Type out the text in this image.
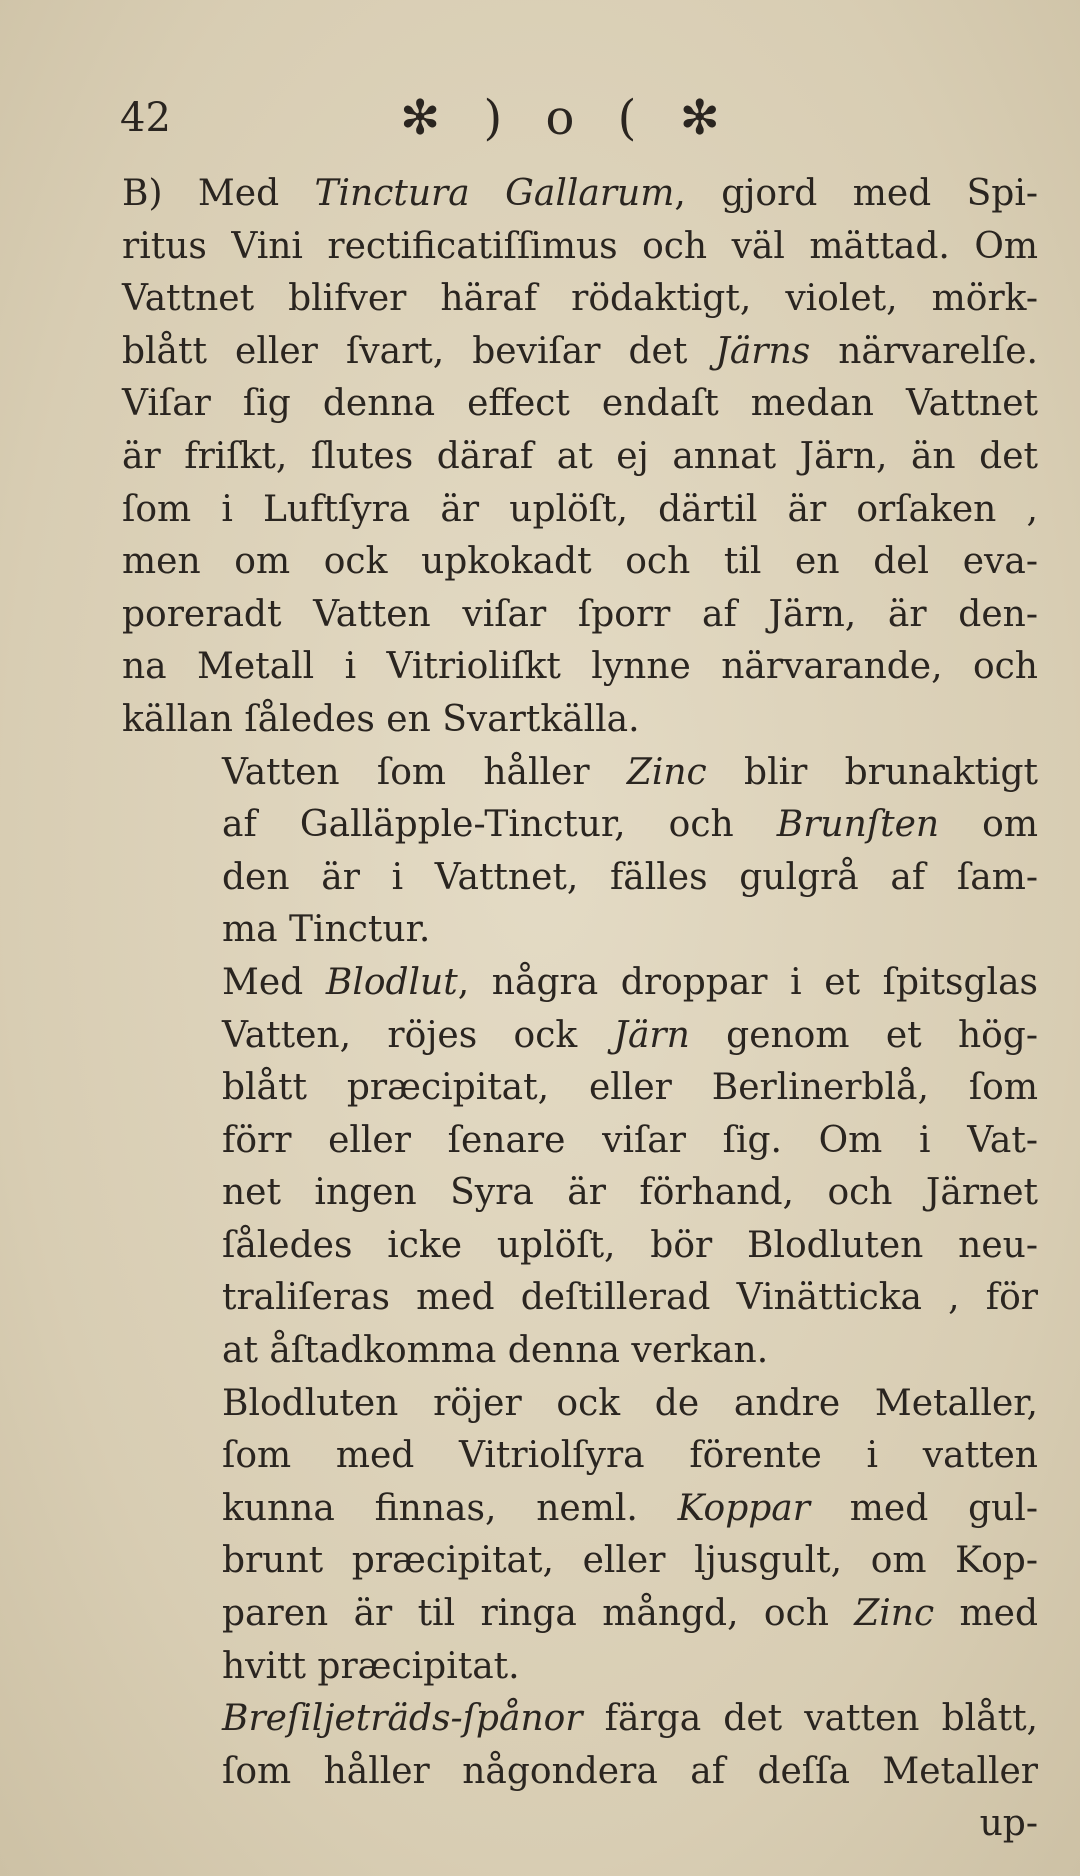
42	✻ ) o ( ✻
B) Med Tinctura Gallarum, gjord med Spi-
ritus Vini rectificatiſſimus och väl mättad. Om
Vattnet blifver häraf rödaktigt, violet, mörk-
blått eller ſvart, beviſar det Järns närvarelſe.
Viſar ſig denna effect endaſt medan Vattnet
är friſkt, ſlutes däraf at ej annat Järn, än det
ſom i Luftſyra är uplöſt, därtil är orſaken ,
men om ock upkokadt och til en del eva-
poreradt Vatten viſar ſporr af Järn, är den-
na Metall i Vitrioliſkt lynne närvarande, och
källan ſåledes en Svartkälla.
Vatten ſom håller Zinc blir brunaktigt
af Galläpple-Tinctur, och Brunſten om
den är i Vattnet, fälles gulgrå af ſam-
ma Tinctur.
Med Blodlut, några droppar i et ſpitsglas
Vatten, röjes ock Järn genom et hög-
blått præcipitat, eller Berlinerblå, ſom
förr eller ſenare viſar ſig. Om i Vat-
net ingen Syra är förhand, och Järnet
ſåledes icke uplöſt, bör Blodluten neu-
traliſeras med deſtillerad Vinätticka , för
at åſtadkomma denna verkan.
Blodluten röjer ock de andre Metaller,
ſom med Vitriolſyra förente i vatten
kunna finnas, neml. Koppar med gul-
brunt præcipitat, eller ljusgult, om Kop-
paren är til ringa mångd, och Zinc med
hvitt præcipitat.
Breſiljeträds-ſpånor färga det vatten blått,
ſom håller någondera af deſſa Metaller
up-
